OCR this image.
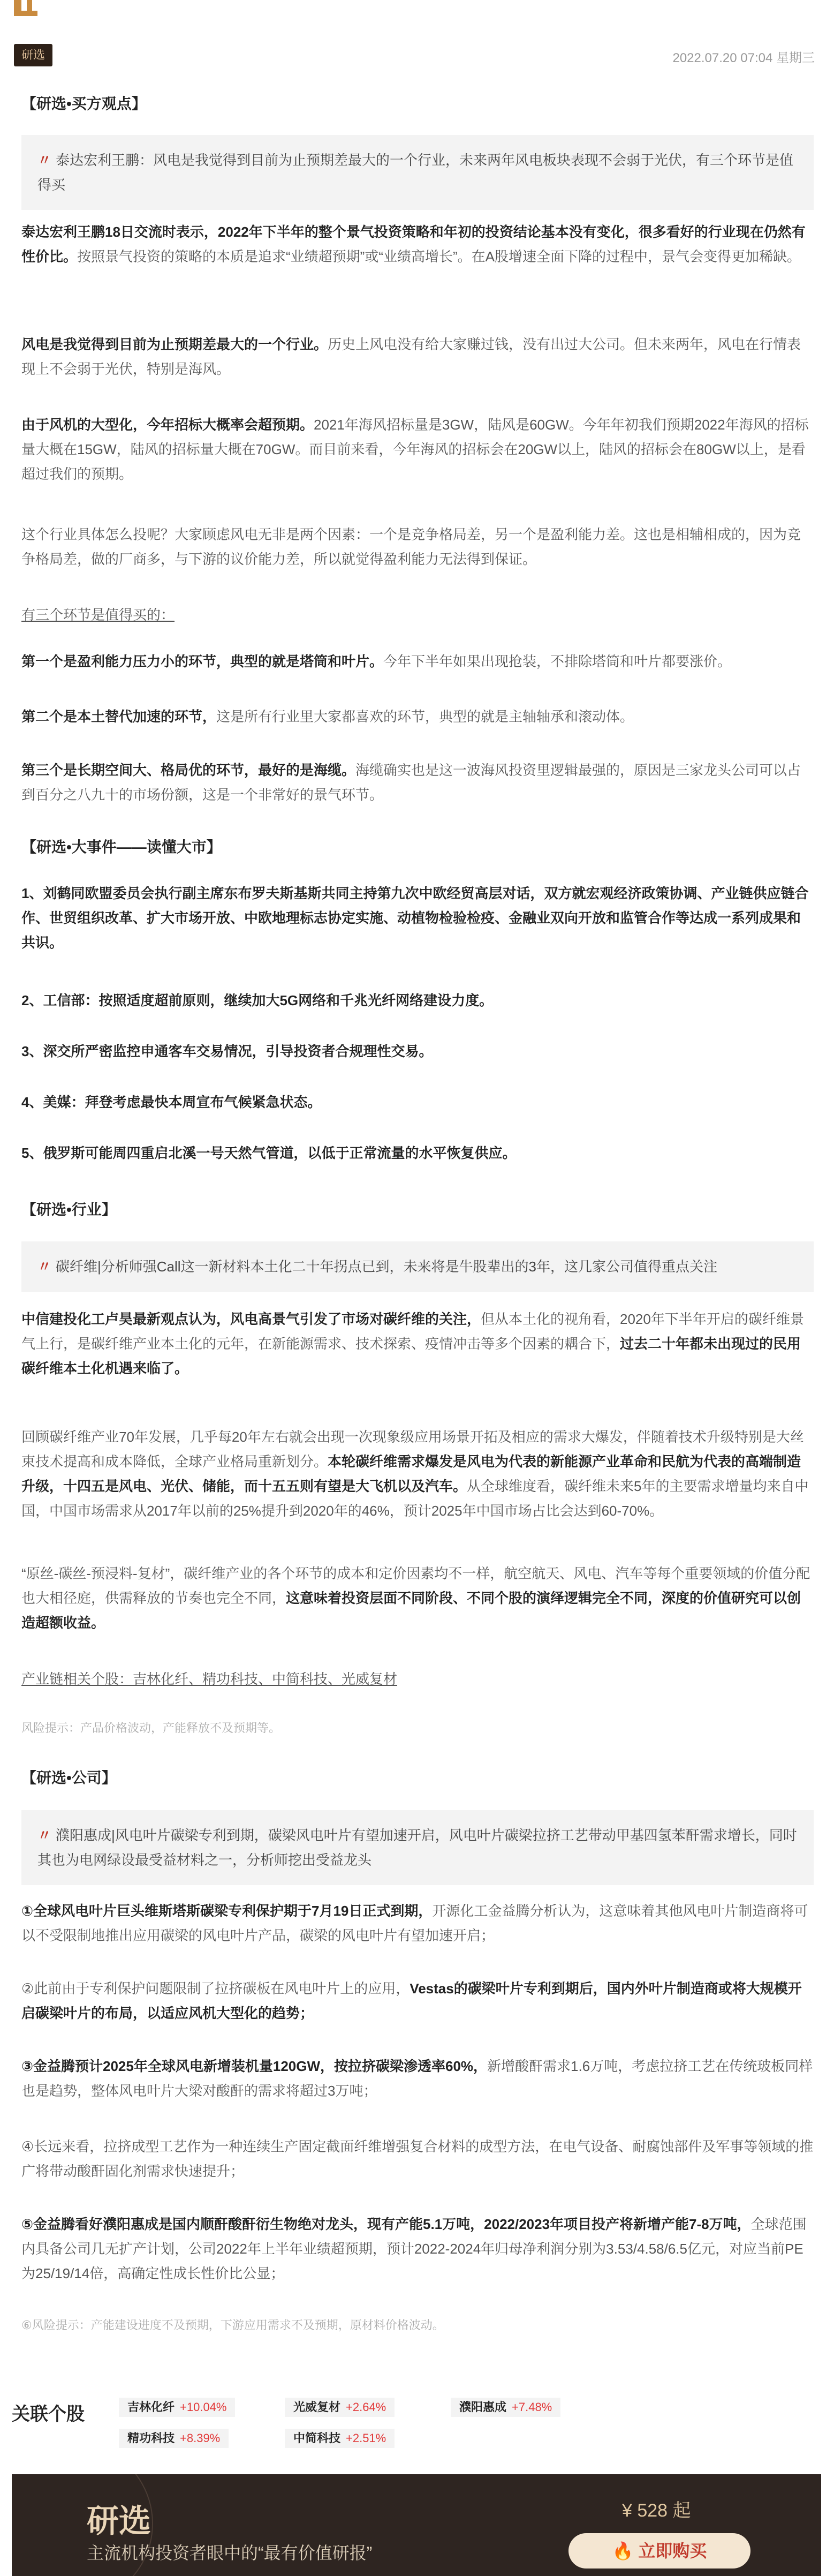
研选	2022.07.20 07:04 星期三
【研选•买方观点】
〃 泰达宏利王鹏：风电是我觉得到目前为止预期差最大的一个行业，未来两年风电板块表现不会弱于光伏，有三个环节是值得买
泰达宏利王鹏18日交流时表示，2022年下半年的整个景气投资策略和年初的投资结论基本没有变化，很多看好的行业现在仍然有性价比。按照景气投资的策略的本质是追求“业绩超预期”或“业绩高增长”。在A股增速全面下降的过程中，景气会变得更加稀缺。
风电是我觉得到目前为止预期差最大的一个行业。历史上风电没有给大家赚过钱，没有出过大公司。但未来两年，风电在行情表现上不会弱于光伏，特别是海风。
由于风机的大型化，今年招标大概率会超预期。2021年海风招标量是3GW，陆风是60GW。今年年初我们预期2022年海风的招标量大概在15GW，陆风的招标量大概在70GW。而目前来看，今年海风的招标会在20GW以上，陆风的招标会在80GW以上，是看超过我们的预期。
这个行业具体怎么投呢？大家顾虑风电无非是两个因素：一个是竞争格局差，另一个是盈利能力差。这也是相辅相成的，因为竞争格局差，做的厂商多，与下游的议价能力差，所以就觉得盈利能力无法得到保证。
有三个环节是值得买的：
第一个是盈利能力压力小的环节，典型的就是塔筒和叶片。今年下半年如果出现抢装，不排除塔筒和叶片都要涨价。
第二个是本土替代加速的环节，这是所有行业里大家都喜欢的环节，典型的就是主轴轴承和滚动体。
第三个是长期空间大、格局优的环节，最好的是海缆。海缆确实也是这一波海风投资里逻辑最强的，原因是三家龙头公司可以占到百分之八九十的市场份额，这是一个非常好的景气环节。
【研选•大事件——读懂大市】
1、刘鹤同欧盟委员会执行副主席东布罗夫斯基斯共同主持第九次中欧经贸高层对话，双方就宏观经济政策协调、产业链供应链合作、世贸组织改革、扩大市场开放、中欧地理标志协定实施、动植物检验检疫、金融业双向开放和监管合作等达成一系列成果和共识。
2、工信部：按照适度超前原则，继续加大5G网络和千兆光纤网络建设力度。
3、深交所严密监控申通客车交易情况，引导投资者合规理性交易。
4、美媒：拜登考虑最快本周宣布气候紧急状态。
5、俄罗斯可能周四重启北溪一号天然气管道，以低于正常流量的水平恢复供应。
【研选•行业】
〃 碳纤维|分析师强Call这一新材料本土化二十年拐点已到，未来将是牛股辈出的3年，这几家公司值得重点关注
中信建投化工卢昊最新观点认为，风电高景气引发了市场对碳纤维的关注，但从本土化的视角看，2020年下半年开启的碳纤维景气上行，是碳纤维产业本土化的元年，在新能源需求、技术探索、疫情冲击等多个因素的耦合下，过去二十年都未出现过的民用碳纤维本土化机遇来临了。
回顾碳纤维产业70年发展，几乎每20年左右就会出现一次现象级应用场景开拓及相应的需求大爆发，伴随着技术升级特别是大丝束技术提高和成本降低，全球产业格局重新划分。本轮碳纤维需求爆发是风电为代表的新能源产业革命和民航为代表的高端制造升级，十四五是风电、光伏、储能，而十五五则有望是大飞机以及汽车。从全球维度看，碳纤维未来5年的主要需求增量均来自中国，中国市场需求从2017年以前的25%提升到2020年的46%，预计2025年中国市场占比会达到60-70%。
“原丝-碳丝-预浸料-复材”，碳纤维产业的各个环节的成本和定价因素均不一样，航空航天、风电、汽车等每个重要领域的价值分配也大相径庭，供需释放的节奏也完全不同，这意味着投资层面不同阶段、不同个股的演绎逻辑完全不同，深度的价值研究可以创造超额收益。
产业链相关个股：吉林化纤、精功科技、中简科技、光威复材
风险提示：产品价格波动，产能释放不及预期等。
【研选•公司】
〃 濮阳惠成|风电叶片碳梁专利到期，碳梁风电叶片有望加速开启，风电叶片碳梁拉挤工艺带动甲基四氢苯酐需求增长，同时其也为电网绿设最受益材料之一，分析师挖出受益龙头
①全球风电叶片巨头维斯塔斯碳梁专利保护期于7月19日正式到期，开源化工金益腾分析认为，这意味着其他风电叶片制造商将可以不受限制地推出应用碳梁的风电叶片产品，碳梁的风电叶片有望加速开启；
②此前由于专利保护问题限制了拉挤碳板在风电叶片上的应用，Vestas的碳梁叶片专利到期后，国内外叶片制造商或将大规模开启碳梁叶片的布局，以适应风机大型化的趋势；
③金益腾预计2025年全球风电新增装机量120GW，按拉挤碳梁渗透率60%，新增酸酐需求1.6万吨，考虑拉挤工艺在传统玻板同样也是趋势，整体风电叶片大梁对酸酐的需求将超过3万吨；
④长远来看，拉挤成型工艺作为一种连续生产固定截面纤维增强复合材料的成型方法，在电气设备、耐腐蚀部件及军事等领域的推广将带动酸酐固化剂需求快速提升；
⑤金益腾看好濮阳惠成是国内顺酐酸酐衍生物绝对龙头，现有产能5.1万吨，2022/2023年项目投产将新增产能7-8万吨，全球范围内具备公司几无扩产计划，公司2022年上半年业绩超预期，预计2022-2024年归母净利润分别为3.53/4.58/6.5亿元，对应当前PE为25/19/14倍，高确定性成长性价比公显；
⑥风险提示：产能建设进度不及预期，下游应用需求不及预期，原材料价格波动。
关联个股	吉林化纤 +10.04%	光威复材 +2.64%	濮阳惠成 +7.48%
精功科技 +8.39%	中简科技 +2.51%
研选
主流机构投资者眼中的“最有价值研报”
¥ 528 起
🔥 立即购买
